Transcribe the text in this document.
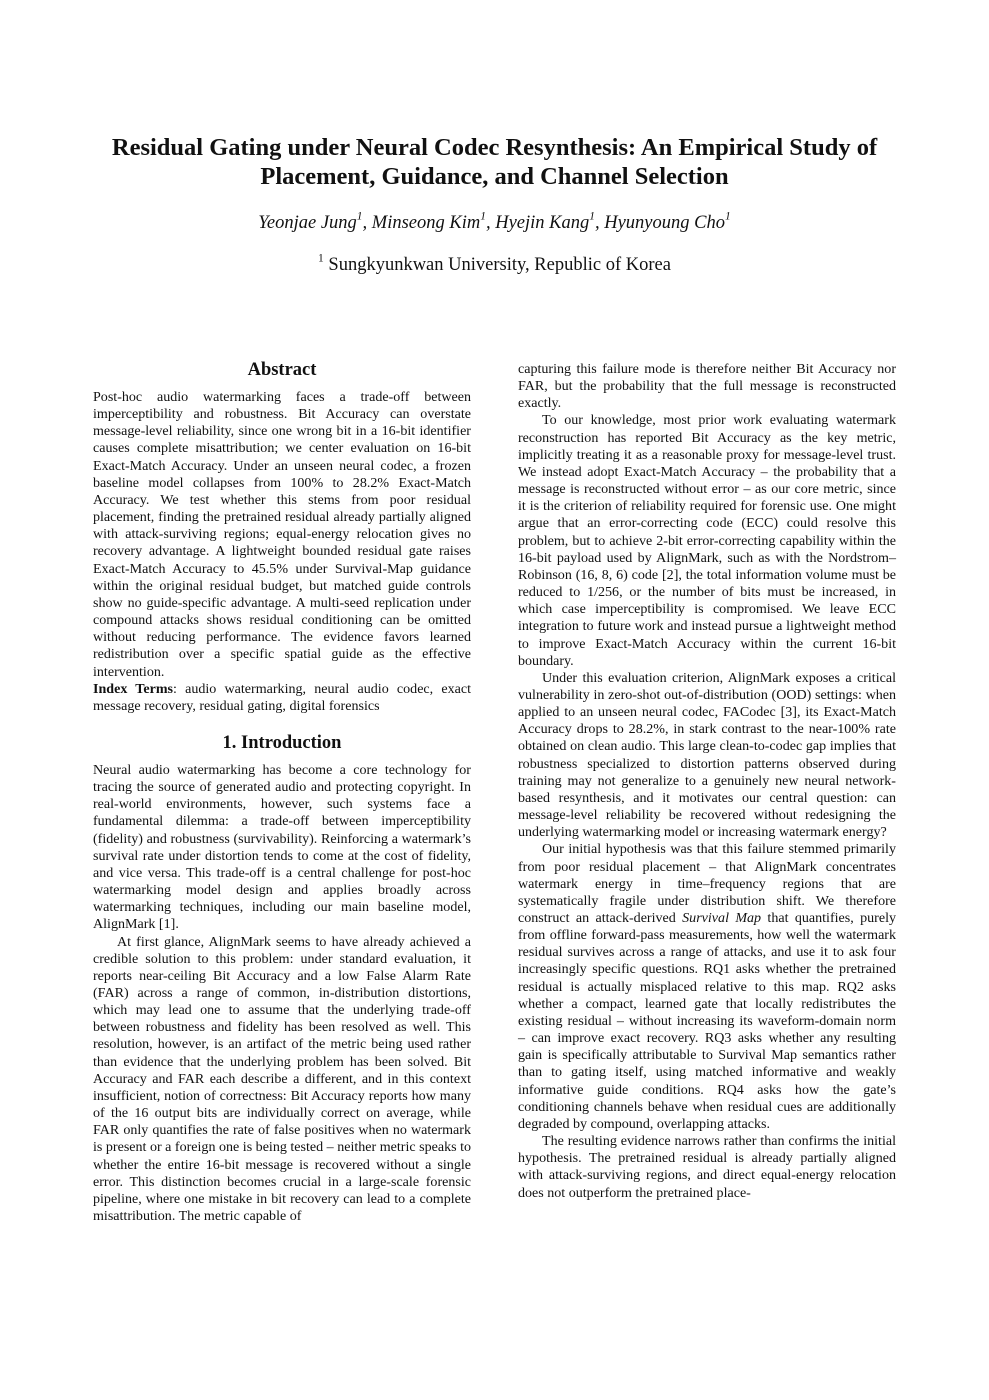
Residual Gating under Neural Codec Resynthesis: An Empirical Study of Placement, Guidance, and Channel Selection

Yeonjae Jung$^1$, Minseong Kim$^1$, Hyejin Kang$^1$, Hyunyoung Cho$^1$

$^1$ Sungkyunkwan University, Republic of Korea

Abstract

Post-hoc audio watermarking faces a trade-off between imperceptibility and robustness. Bit Accuracy can overstate message-level reliability, since one wrong bit in a 16-bit identifier causes complete misattribution; we center evaluation on 16-bit Exact-Match Accuracy. Under an unseen neural codec, a frozen baseline model collapses from 100% to 28.2% Exact-Match Accuracy. We test whether this stems from poor residual placement, finding the pretrained residual already partially aligned with attack-surviving regions; equal-energy relocation gives no recovery advantage. A lightweight bounded residual gate raises Exact-Match Accuracy to 45.5% under Survival-Map guidance within the original residual budget, but matched guide controls show no guide-specific advantage. A multi-seed replication under compound attacks shows residual conditioning can be omitted without reducing performance. The evidence favors learned redistribution over a specific spatial guide as the effective intervention.

Index Terms: audio watermarking, neural audio codec, exact message recovery, residual gating, digital forensics

1. Introduction

Neural audio watermarking has become a core technology for tracing the source of generated audio and protecting copyright. In real-world environments, however, such systems face a fundamental dilemma: a trade-off between imperceptibility (fidelity) and robustness (survivability). Reinforcing a watermark’s survival rate under distortion tends to come at the cost of fidelity, and vice versa. This trade-off is a central challenge for post-hoc watermarking model design and applies broadly across watermarking techniques, including our main baseline model, AlignMark [1].

At first glance, AlignMark seems to have already achieved a credible solution to this problem: under standard evaluation, it reports near-ceiling Bit Accuracy and a low False Alarm Rate (FAR) across a range of common, in-distribution distortions, which may lead one to assume that the underlying trade-off between robustness and fidelity has been resolved as well. This resolution, however, is an artifact of the metric being used rather than evidence that the underlying problem has been solved. Bit Accuracy and FAR each describe a different, and in this context insufficient, notion of correctness: Bit Accuracy reports how many of the 16 output bits are individually correct on average, while FAR only quantifies the rate of false positives when no watermark is present or a foreign one is being tested – neither metric speaks to whether the entire 16-bit message is recovered without a single error. This distinction becomes crucial in a large-scale forensic pipeline, where one mistake in bit recovery can lead to a complete misattribution. The metric capable of

capturing this failure mode is therefore neither Bit Accuracy nor FAR, but the probability that the full message is reconstructed exactly.

To our knowledge, most prior work evaluating watermark reconstruction has reported Bit Accuracy as the key metric, implicitly treating it as a reasonable proxy for message-level trust. We instead adopt Exact-Match Accuracy – the probability that a message is reconstructed without error – as our core metric, since it is the criterion of reliability required for forensic use. One might argue that an error-correcting code (ECC) could resolve this problem, but to achieve 2-bit error-correcting capability within the 16-bit payload used by AlignMark, such as with the Nordstrom–Robinson (16, 8, 6) code [2], the total information volume must be reduced to 1/256, or the number of bits must be increased, in which case imperceptibility is compromised. We leave ECC integration to future work and instead pursue a lightweight method to improve Exact-Match Accuracy within the current 16-bit boundary.

Under this evaluation criterion, AlignMark exposes a critical vulnerability in zero-shot out-of-distribution (OOD) settings: when applied to an unseen neural codec, FACodec [3], its Exact-Match Accuracy drops to 28.2%, in stark contrast to the near-100% rate obtained on clean audio. This large clean-to-codec gap implies that robustness specialized to distortion patterns observed during training may not generalize to a genuinely new neural network-based resynthesis, and it motivates our central question: can message-level reliability be recovered without redesigning the underlying watermarking model or increasing watermark energy?

Our initial hypothesis was that this failure stemmed primarily from poor residual placement – that AlignMark concentrates watermark energy in time–frequency regions that are systematically fragile under distribution shift. We therefore construct an attack-derived Survival Map that quantifies, purely from offline forward-pass measurements, how well the watermark residual survives across a range of attacks, and use it to ask four increasingly specific questions. RQ1 asks whether the pretrained residual is actually misplaced relative to this map. RQ2 asks whether a compact, learned gate that locally redistributes the existing residual – without increasing its waveform-domain norm – can improve exact recovery. RQ3 asks whether any resulting gain is specifically attributable to Survival Map semantics rather than to gating itself, using matched informative and weakly informative guide conditions. RQ4 asks how the gate’s conditioning channels behave when residual cues are additionally degraded by compound, overlapping attacks.

The resulting evidence narrows rather than confirms the initial hypothesis. The pretrained residual is already partially aligned with attack-surviving regions, and direct equal-energy relocation does not outperform the pretrained place-
